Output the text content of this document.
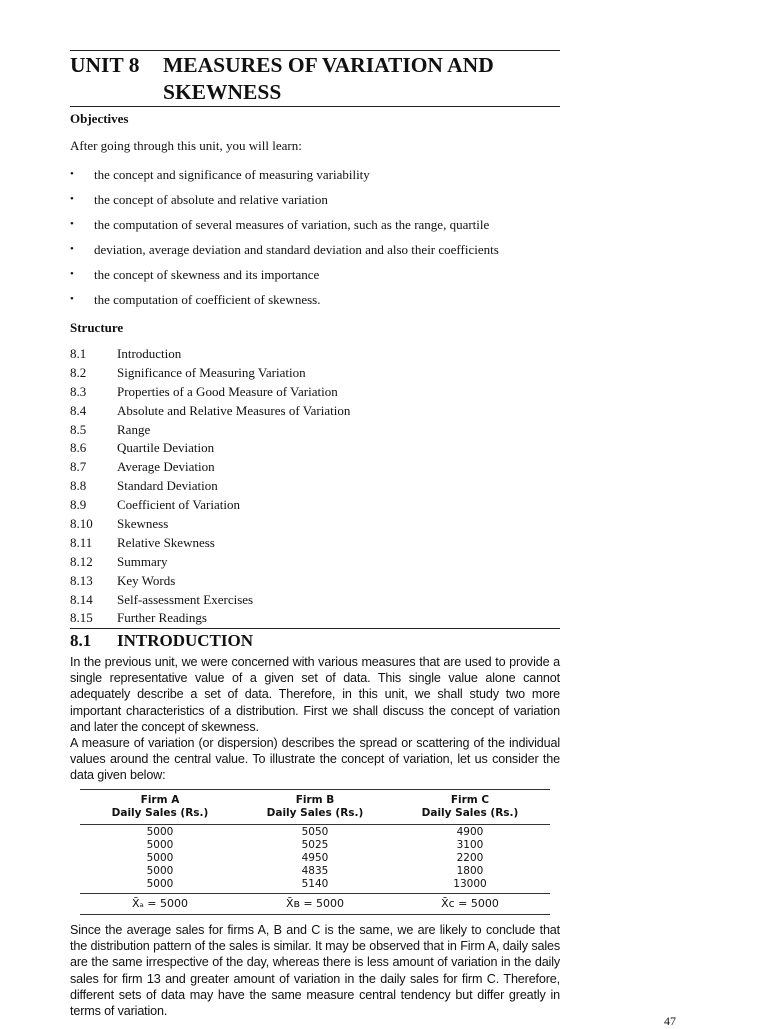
UNIT 8 MEASURES OF VARIATION AND
SKEWNESS
Objectives
After going through this unit, you will learn:
• the concept and significance of measuring variability
• the concept of absolute and relative variation
• the computation of several measures of variation, such as the range, quartile
• deviation, average deviation and standard deviation and also their coefficients
• the concept of skewness and its importance
• the computation of coefficient of skewness.
Structure
8.1 Introduction
8.2 Significance of Measuring Variation
8.3 Properties of a Good Measure of Variation
8.4 Absolute and Relative Measures of Variation
8.5 Range
8.6 Quartile Deviation
8.7 Average Deviation
8.8 Standard Deviation
8.9 Coefficient of Variation
8.10 Skewness
8.11 Relative Skewness
8.12 Summary
8.13 Key Words
8.14 Self-assessment Exercises
8.15 Further Readings
8.1 INTRODUCTION
In the previous unit, we were concerned with various measures that are used to provide a single representative value of a given set of data. This single value alone cannot adequately describe a set of data. Therefore, in this unit, we shall study two more important characteristics of a distribution. First we shall discuss the concept of variation and later the concept of skewness.
A measure of variation (or dispersion) describes the spread or scattering of the individual values around the central value. To illustrate the concept of variation, let us consider the data given below:
Firm A
Daily Sales (Rs.)
Firm B
Daily Sales (Rs.)
Firm C
Daily Sales (Rs.)
5000
5000
5000
5000
5000
5050
5025
4950
4835
5140
4900
3100
2200
1800
13000
X̄ₐ = 5000	X̄ʙ = 5000	X̄ᴄ = 5000
Since the average sales for firms A, B and C is the same, we are likely to conclude that the distribution pattern of the sales is similar. It may be observed that in Firm A, daily sales are the same irrespective of the day, whereas there is less amount of variation in the daily sales for firm 13 and greater amount of variation in the daily sales for firm C. Therefore, different sets of data may have the same measure central tendency but differ greatly in terms of variation.
47
